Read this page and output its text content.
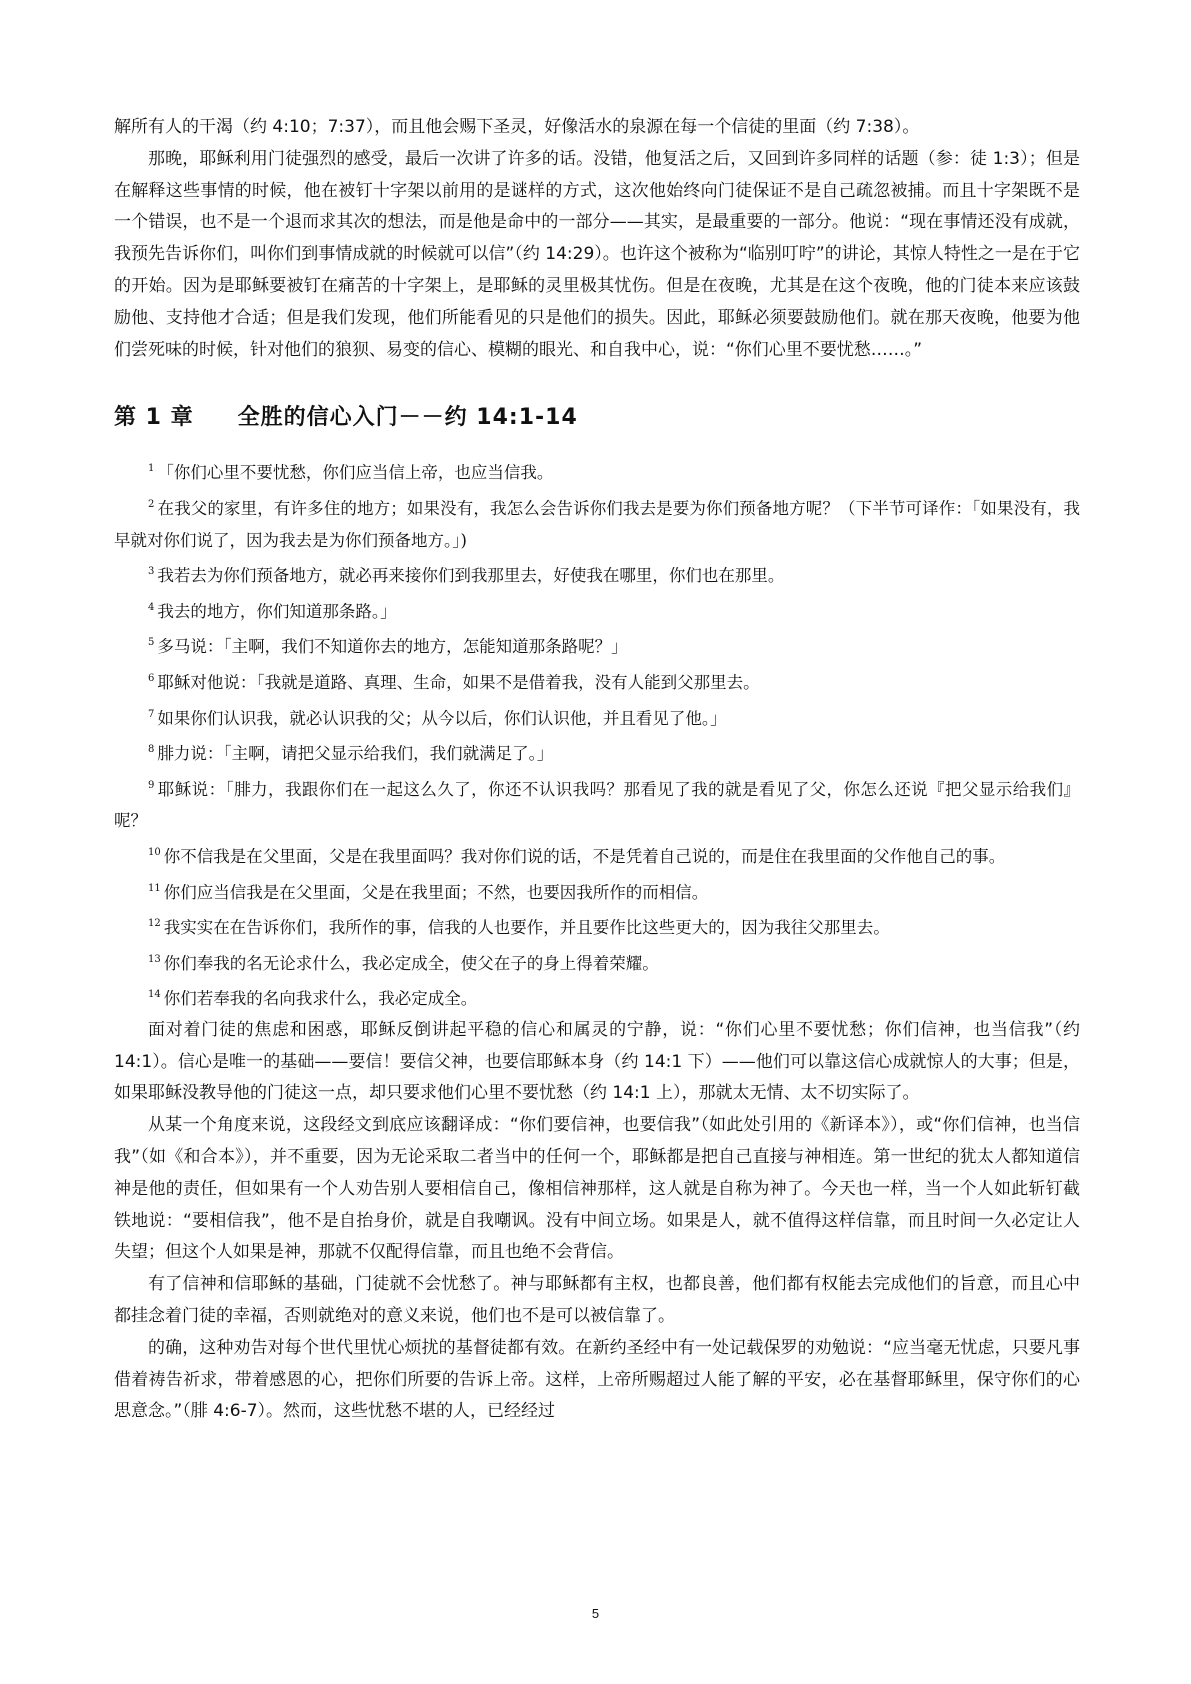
解所有人的干渴（约 4:10；7:37），而且他会赐下圣灵，好像活水的泉源在每一个信徒的里面（约 7:38）。

那晚，耶稣利用门徒强烈的感受，最后一次讲了许多的话。没错，他复活之后，又回到许多同样的话题（参：徒 1:3）；但是在解释这些事情的时候，他在被钉十字架以前用的是谜样的方式，这次他始终向门徒保证不是自己疏忽被捕。而且十字架既不是一个错误，也不是一个退而求其次的想法，而是他是命中的一部分——其实，是最重要的一部分。他说：“现在事情还没有成就，我预先告诉你们，叫你们到事情成就的时候就可以信”（约 14:29）。也许这个被称为“临别叮咛”的讲论，其惊人特性之一是在于它的开始。因为是耶稣要被钉在痛苦的十字架上，是耶稣的灵里极其忧伤。但是在夜晚，尤其是在这个夜晚，他的门徒本来应该鼓励他、支持他才合适；但是我们发现，他们所能看见的只是他们的损失。因此，耶稣必须要鼓励他们。就在那天夜晚，他要为他们尝死味的时候，针对他们的狼狈、易变的信心、模糊的眼光、和自我中心，说：“你们心里不要忧愁……。”

第 1 章 全胜的信心入门－－约 14:1-14

$^1$ 「你们心里不要忧愁，你们应当信上帝，也应当信我。

$^2$ 在我父的家里，有许多住的地方；如果没有，我怎么会告诉你们我去是要为你们预备地方呢？（下半节可译作：「如果没有，我早就对你们说了，因为我去是为你们预备地方。」)

$^3$ 我若去为你们预备地方，就必再来接你们到我那里去，好使我在哪里，你们也在那里。

$^4$ 我去的地方，你们知道那条路。」

$^5$ 多马说：「主啊，我们不知道你去的地方，怎能知道那条路呢？」

$^6$ 耶稣对他说：「我就是道路、真理、生命，如果不是借着我，没有人能到父那里去。

$^7$ 如果你们认识我，就必认识我的父；从今以后，你们认识他，并且看见了他。」

$^8$ 腓力说：「主啊，请把父显示给我们，我们就满足了。」

$^9$ 耶稣说：「腓力，我跟你们在一起这么久了，你还不认识我吗？那看见了我的就是看见了父，你怎么还说『把父显示给我们』呢？

$^{10}$ 你不信我是在父里面，父是在我里面吗？我对你们说的话，不是凭着自己说的，而是住在我里面的父作他自己的事。

$^{11}$ 你们应当信我是在父里面，父是在我里面；不然，也要因我所作的而相信。

$^{12}$ 我实实在在告诉你们，我所作的事，信我的人也要作，并且要作比这些更大的，因为我往父那里去。

$^{13}$ 你们奉我的名无论求什么，我必定成全，使父在子的身上得着荣耀。

$^{14}$ 你们若奉我的名向我求什么，我必定成全。

面对着门徒的焦虑和困惑，耶稣反倒讲起平稳的信心和属灵的宁静，说：“你们心里不要忧愁；你们信神，也当信我”（约 14:1）。信心是唯一的基础——要信！要信父神，也要信耶稣本身（约 14:1 下）——他们可以靠这信心成就惊人的大事；但是，如果耶稣没教导他的门徒这一点，却只要求他们心里不要忧愁（约 14:1 上），那就太无情、太不切实际了。

从某一个角度来说，这段经文到底应该翻译成：“你们要信神，也要信我”（如此处引用的《新译本》），或“你们信神，也当信我”（如《和合本》），并不重要，因为无论采取二者当中的任何一个，耶稣都是把自己直接与神相连。第一世纪的犹太人都知道信神是他的责任，但如果有一个人劝告别人要相信自己，像相信神那样，这人就是自称为神了。今天也一样，当一个人如此斩钉截铁地说：“要相信我”，他不是自抬身价，就是自我嘲讽。没有中间立场。如果是人，就不值得这样信靠，而且时间一久必定让人失望；但这个人如果是神，那就不仅配得信靠，而且也绝不会背信。

有了信神和信耶稣的基础，门徒就不会忧愁了。神与耶稣都有主权，也都良善，他们都有权能去完成他们的旨意，而且心中都挂念着门徒的幸福，否则就绝对的意义来说，他们也不是可以被信靠了。

的确，这种劝告对每个世代里忧心烦扰的基督徒都有效。在新约圣经中有一处记载保罗的劝勉说：“应当毫无忧虑，只要凡事借着祷告祈求，带着感恩的心，把你们所要的告诉上帝。这样，上帝所赐超过人能了解的平安，必在基督耶稣里，保守你们的心思意念。”（腓 4:6-7）。然而，这些忧愁不堪的人，已经经过

5
